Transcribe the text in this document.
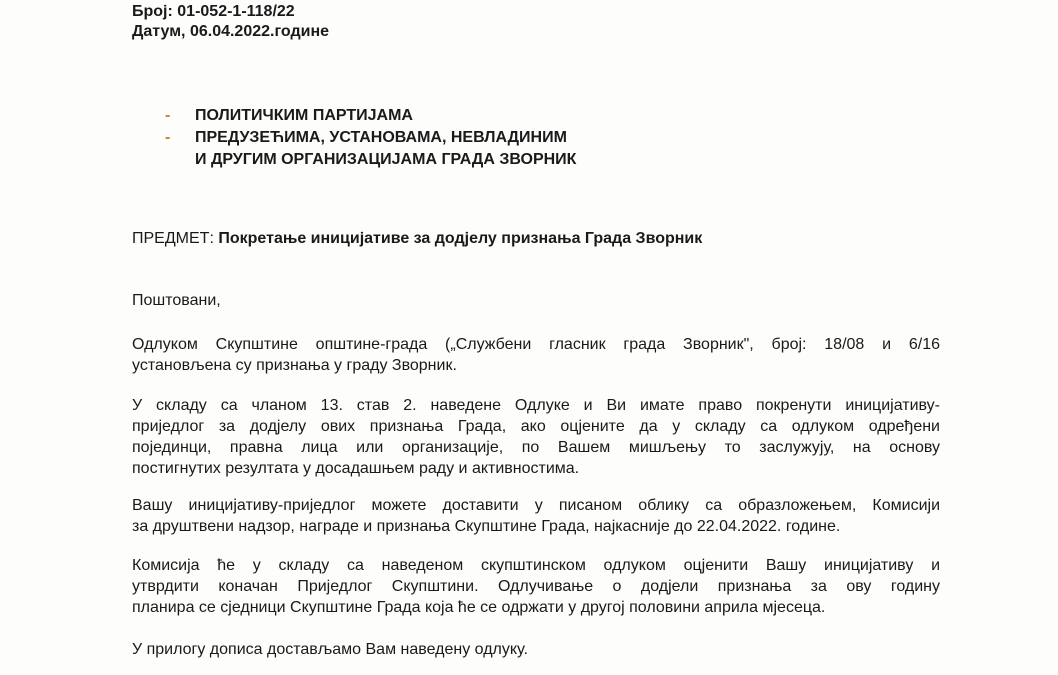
Број: 01-052-1-118/22
Датум, 06.04.2022.године
-	ПОЛИТИЧКИМ ПАРТИЈАМА
-	ПРЕДУЗЕЋИМА, УСТАНОВАМА, НЕВЛАДИНИМ
И ДРУГИМ ОРГАНИЗАЦИЈАМА ГРАДА ЗВОРНИК
ПРЕДМЕТ: Покретање иницијативе за додјелу признања Града Зворник
Поштовани,
Одлуком Скупштине општине-града („Службени гласник града Зворник", број: 18/08 и 6/16
установљена су признања у граду Зворник.
У складу са чланом 13. став 2. наведене Одлуке и Ви имате право покренути иницијативу-
приједлог за додјелу ових признања Града, ако оцјените да у складу са одлуком одређени
појединци, правна лица или организације, по Вашем мишљењу то заслужују, на основу
постигнутих резултата у досадашњем раду и активностима.
Вашу иницијативу-приједлог можете доставити у писаном облику са образложењем, Комисији
за друштвени надзор, награде и признања Скупштине Града, најкасније до 22.04.2022. године.
Комисија ће у складу са наведеном скупштинском одлуком оцјенити Вашу иницијативу и
утврдити коначан Приједлог Скупштини. Одлучивање о додјели признања за ову годину
планира се сједници Скупштине Града која ће се одржати у другој половини априла мјесеца.
У прилогу дописа достављамо Вам наведену одлуку.
